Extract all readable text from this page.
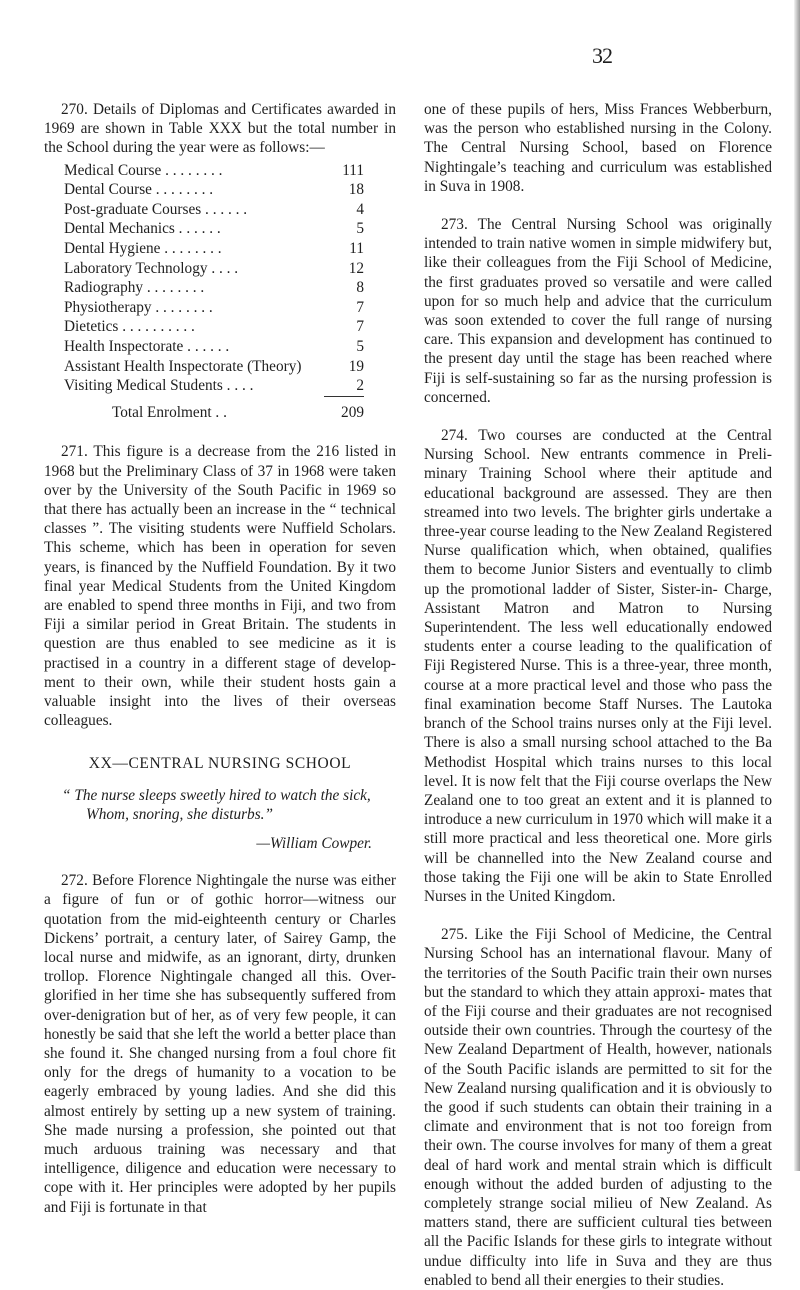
32

270. Details of Diplomas and Certificates awarded in 1969 are shown in Table XXX but the total number in the School during the year were as follows:—

Medical Course . . . . . . . .	111
Dental Course . . . . . . . .	18
Post-graduate Courses . . . . . .	4
Dental Mechanics . . . . . .	5
Dental Hygiene . . . . . . . .	11
Laboratory Technology . . . .	12
Radiography . . . . . . . .	8
Physiotherapy . . . . . . . .	7
Dietetics . . . . . . . . . .	7
Health Inspectorate . . . . . .	5
Assistant Health Inspectorate (Theory)	19
Visiting Medical Students . . . .	2

Total Enrolment . .	209

271. This figure is a decrease from the 216 listed in 1968 but the Preliminary Class of 37 in 1968 were taken over by the University of the South Pacific in 1969 so that there has actually been an increase in the “ technical classes ”. The visiting students were Nuffield Scholars. This scheme, which has been in operation for seven years, is financed by the Nuffield Foundation. By it two final year Medical Students from the United Kingdom are enabled to spend three months in Fiji, and two from Fiji a similar period in Great Britain. The students in question are thus enabled to see medicine as it is practised in a country in a different stage of develop- ment to their own, while their student hosts gain a valuable insight into the lives of their overseas colleagues.

XX—CENTRAL NURSING SCHOOL
“ The nurse sleeps sweetly hired to watch the sick,
Whom, snoring, she disturbs.”
—William Cowper.

272. Before Florence Nightingale the nurse was either a figure of fun or of gothic horror—witness our quotation from the mid-eighteenth century or Charles Dickens’ portrait, a century later, of Sairey Gamp, the local nurse and midwife, as an ignorant, dirty, drunken trollop. Florence Nightingale changed all this. Over- glorified in her time she has subsequently suffered from over-denigration but of her, as of very few people, it can honestly be said that she left the world a better place than she found it. She changed nursing from a foul chore fit only for the dregs of humanity to a vocation to be eagerly embraced by young ladies. And she did this almost entirely by setting up a new system of training. She made nursing a profession, she pointed out that much arduous training was necessary and that intelligence, diligence and education were necessary to cope with it. Her principles were adopted by her pupils and Fiji is fortunate in that

one of these pupils of hers, Miss Frances Webberburn, was the person who established nursing in the Colony. The Central Nursing School, based on Florence Nightingale’s teaching and curriculum was established in Suva in 1908.

273. The Central Nursing School was originally intended to train native women in simple midwifery but, like their colleagues from the Fiji School of Medicine, the first graduates proved so versatile and were called upon for so much help and advice that the curriculum was soon extended to cover the full range of nursing care. This expansion and development has continued to the present day until the stage has been reached where Fiji is self-sustaining so far as the nursing profession is concerned.

274. Two courses are conducted at the Central Nursing School. New entrants commence in Preli- minary Training School where their aptitude and educational background are assessed. They are then streamed into two levels. The brighter girls undertake a three-year course leading to the New Zealand Registered Nurse qualification which, when obtained, qualifies them to become Junior Sisters and eventually to climb up the promotional ladder of Sister, Sister-in- Charge, Assistant Matron and Matron to Nursing Superintendent. The less well educationally endowed students enter a course leading to the qualification of Fiji Registered Nurse. This is a three-year, three month, course at a more practical level and those who pass the final examination become Staff Nurses. The Lautoka branch of the School trains nurses only at the Fiji level. There is also a small nursing school attached to the Ba Methodist Hospital which trains nurses to this local level. It is now felt that the Fiji course overlaps the New Zealand one to too great an extent and it is planned to introduce a new curriculum in 1970 which will make it a still more practical and less theoretical one. More girls will be channelled into the New Zealand course and those taking the Fiji one will be akin to State Enrolled Nurses in the United Kingdom.

275. Like the Fiji School of Medicine, the Central Nursing School has an international flavour. Many of the territories of the South Pacific train their own nurses but the standard to which they attain approxi- mates that of the Fiji course and their graduates are not recognised outside their own countries. Through the courtesy of the New Zealand Department of Health, however, nationals of the South Pacific islands are permitted to sit for the New Zealand nursing qualification and it is obviously to the good if such students can obtain their training in a climate and environment that is not too foreign from their own. The course involves for many of them a great deal of hard work and mental strain which is difficult enough without the added burden of adjusting to the completely strange social milieu of New Zealand. As matters stand, there are sufficient cultural ties between all the Pacific Islands for these girls to integrate without undue difficulty into life in Suva and they are thus enabled to bend all their energies to their studies.
